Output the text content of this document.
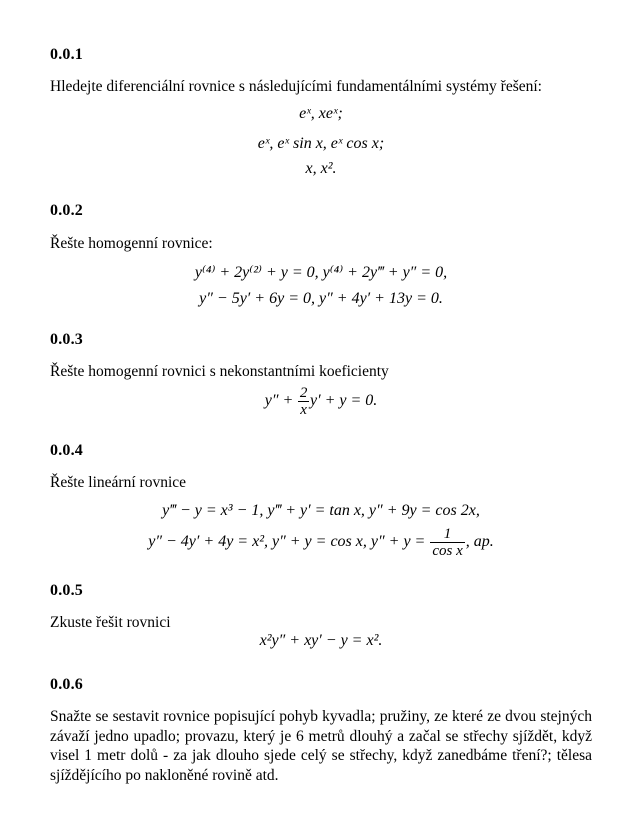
0.0.1
Hledejte diferenciální rovnice s následujícími fundamentálními systémy řešení:
eˣ, xeˣ;
eˣ, eˣ sin x, eˣ cos x;
x, x².
0.0.2
Řešte homogenní rovnice:
y⁽⁴⁾ + 2y⁽²⁾ + y = 0, y⁽⁴⁾ + 2y‴ + y″ = 0,
y″ − 5y′ + 6y = 0, y″ + 4y′ + 13y = 0.
0.0.3
Řešte homogenní rovnici s nekonstantními koeficienty
$y'' + \frac{2}{x} y' + y = 0$.
0.0.4
Řešte lineární rovnice
y‴ − y = x³ − 1, y‴ + y′ = tan x, y″ + 9y = cos 2x,
y″ − 4y′ + 4y = x², y″ + y = cos x, $y'' + y = \frac{1}{\text{cos x}}$ , ap.
0.0.5
Zkuste řešit rovnici
x²y″ + xy′ − y = x².
0.0.6
Snažte se sestavit rovnice popisující pohyb kyvadla; pružiny, ze které ze dvou stejných závaží jedno upadlo; provazu, který je 6 metrů dlouhý a začal se střechy sjíždět, když visel 1 metr dolů - za jak dlouho sjede celý se střechy, když zanedbáme tření?; tělesa sjíždějícího po nakloněné rovině atd.
